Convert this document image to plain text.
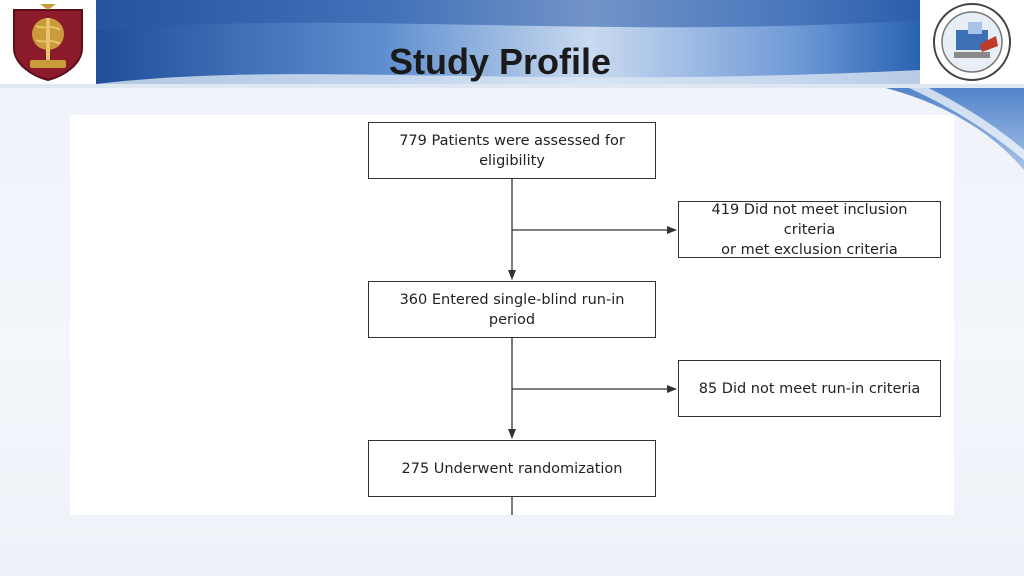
Study Profile
779 Patients were assessed for eligibility
419 Did not meet inclusion criteria
or met exclusion criteria
360 Entered single-blind run-in period
85 Did not meet run-in criteria
275 Underwent randomization
